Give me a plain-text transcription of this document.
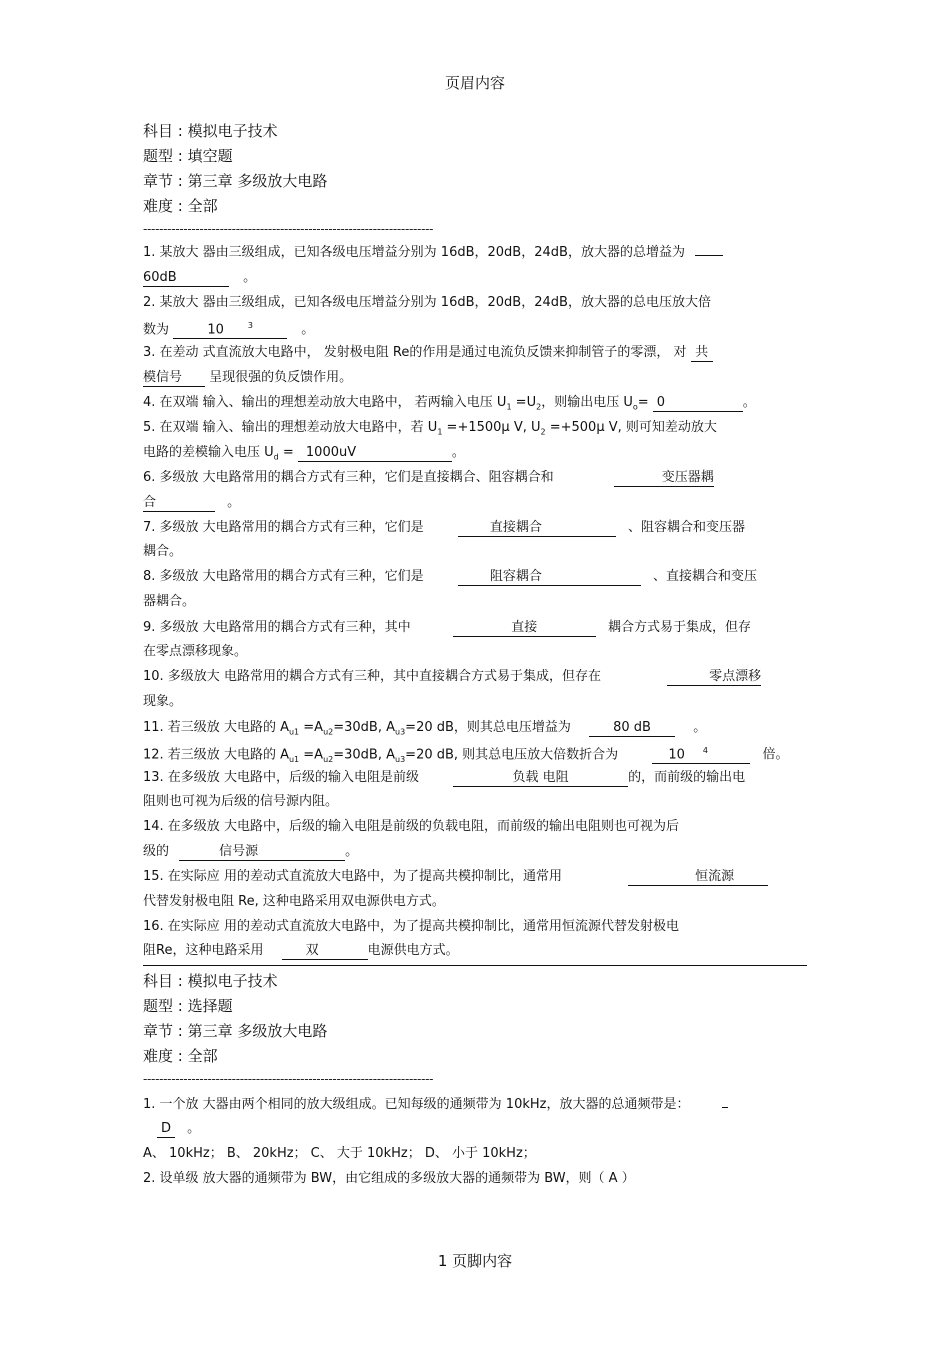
页眉内容
科目 : 模拟电子技术
题型 : 填空题
章节 : 第三章 多级放大电路
难度 : 全部
------------------------------------------------------------------------
1. 某放大 器由三级组成，已知各级电压增益分别为 16dB，20dB，24dB，放大器的总增益为
60dB	。
2. 某放大 器由三级组成，已知各级电压增益分别为 16dB，20dB，24dB，放大器的总电压放大倍
数为	10	$^3$	。
3. 在差动 式直流放大电路中， 发射极电阻 Re的作用是通过电流负反馈来抑制管子的零漂， 对 共
模信号 呈现很强的负反馈作用。
4. 在双端 输入、输出的理想差动放大电路中， 若两输入电压 $U_1 =U_2$，则输出电压 $U_o= 0$	。
5. 在双端 输入、输出的理想差动放大电路中，若 $U_1 =+1500\mu$ V, $U_2 =+500\mu$ V, 则可知差动放大
电路的差模输入电压 $U_d = 1000uV$	。
6. 多级放 大电路常用的耦合方式有三种，它们是直接耦合、阻容耦合和	变压器耦
合	。
7. 多级放 大电路常用的耦合方式有三种，它们是	直接耦合	、阻容耦合和变压器
耦合。
8. 多级放 大电路常用的耦合方式有三种，它们是	阻容耦合	、直接耦合和变压
器耦合。
9. 多级放 大电路常用的耦合方式有三种，其中	直接	耦合方式易于集成，但存
在零点漂移现象。
10. 多级放大 电路常用的耦合方式有三种，其中直接耦合方式易于集成，但存在	零点漂移
现象。
11. 若三级放 大电路的 $A_{u1} =A_{u2}=30dB$, $A_{u3}=20$ dB，则其总电压增益为	80 dB	。
12. 若三级放 大电路的 $A_{u1} =A_{u2}=30dB$, $A_{u3}=20$ dB, 则其总电压放大倍数折合为	10 $^4$	倍。
13. 在多级放 大电路中，后级的输入电阻是前级	负载 电阻	的，而前级的输出电
阻则也可视为后级的信号源内阻。
14. 在多级放 大电路中，后级的输入电阻是前级的负载电阻，而前级的输出电阻则也可视为后
级的	信号源	。
15. 在实际应 用的差动式直流放大电路中，为了提高共模抑制比，通常用	恒流源
代替发射极电阻 Re, 这种电路采用双电源供电方式。
16. 在实际应 用的差动式直流放大电路中，为了提高共模抑制比，通常用恒流源代替发射极电
阻Re，这种电路采用	双	电源供电方式。
科目 : 模拟电子技术
题型 : 选择题
章节 : 第三章 多级放大电路
难度 : 全部
------------------------------------------------------------------------
1. 一个放 大器由两个相同的放大级组成。已知每级的通频带为 10kHz，放大器的总通频带是：
D 。
A、 10kHz； B、 20kHz； C、 大于 10kHz； D、 小于 10kHz；
2. 设单级 放大器的通频带为 BW，由它组成的多级放大器的通频带为 BW，则（ A ）
1 页脚内容
